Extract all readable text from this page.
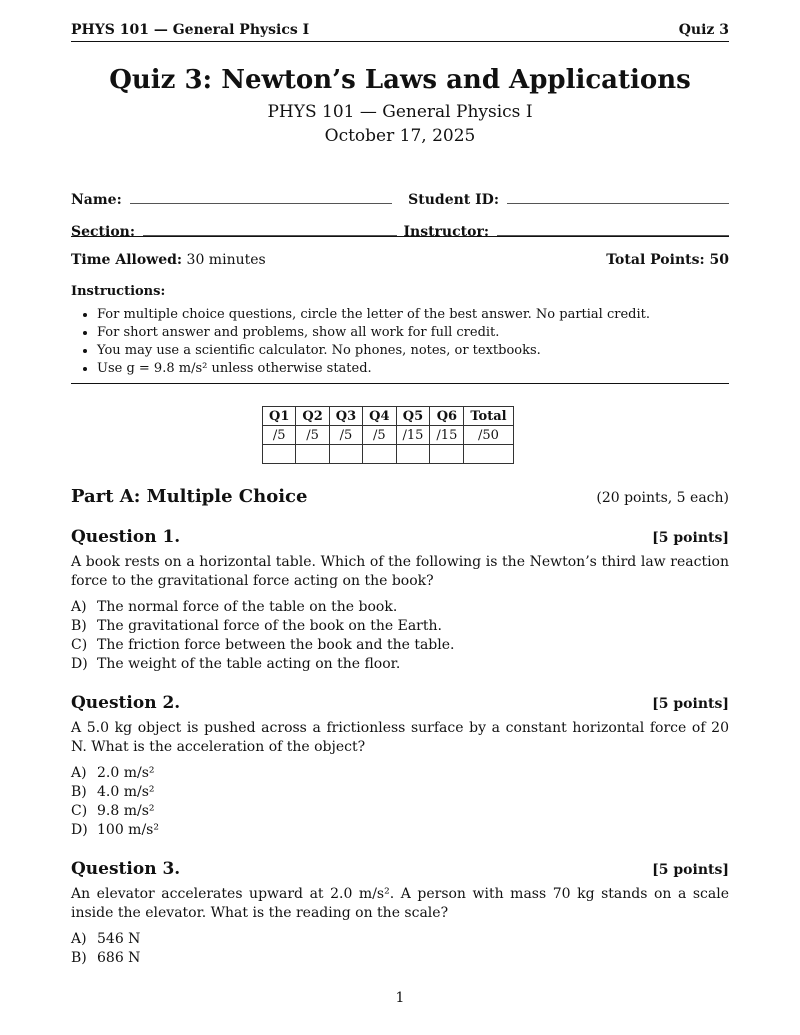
PHYS 101 — General Physics I	Quiz 3
Quiz 3: Newton’s Laws and Applications
PHYS 101 — General Physics I
October 17, 2025
Name:	Student ID:
Section:	Instructor:
Time Allowed: 30 minutes	Total Points: 50
Instructions:
• For multiple choice questions, circle the letter of the best answer. No partial credit.
• For short answer and problems, show all work for full credit.
• You may use a scientific calculator. No phones, notes, or textbooks.
• Use g = 9.8 m/s² unless otherwise stated.
Q1	Q2	Q3	Q4	Q5	Q6	Total
/5	/5	/5	/5	/15	/15	/50

Part A: Multiple Choice	(20 points, 5 each)
Question 1.	[5 points]
A book rests on a horizontal table. Which of the following is the Newton’s third law reaction force to the gravitational force acting on the book?
A) The normal force of the table on the book.
B) The gravitational force of the book on the Earth.
C) The friction force between the book and the table.
D) The weight of the table acting on the floor.
Question 2.	[5 points]
A 5.0 kg object is pushed across a frictionless surface by a constant horizontal force of 20 N. What is the acceleration of the object?
A) 2.0 m/s²
B) 4.0 m/s²
C) 9.8 m/s²
D) 100 m/s²
Question 3.	[5 points]
An elevator accelerates upward at 2.0 m/s². A person with mass 70 kg stands on a scale inside the elevator. What is the reading on the scale?
A) 546 N
B) 686 N
1
